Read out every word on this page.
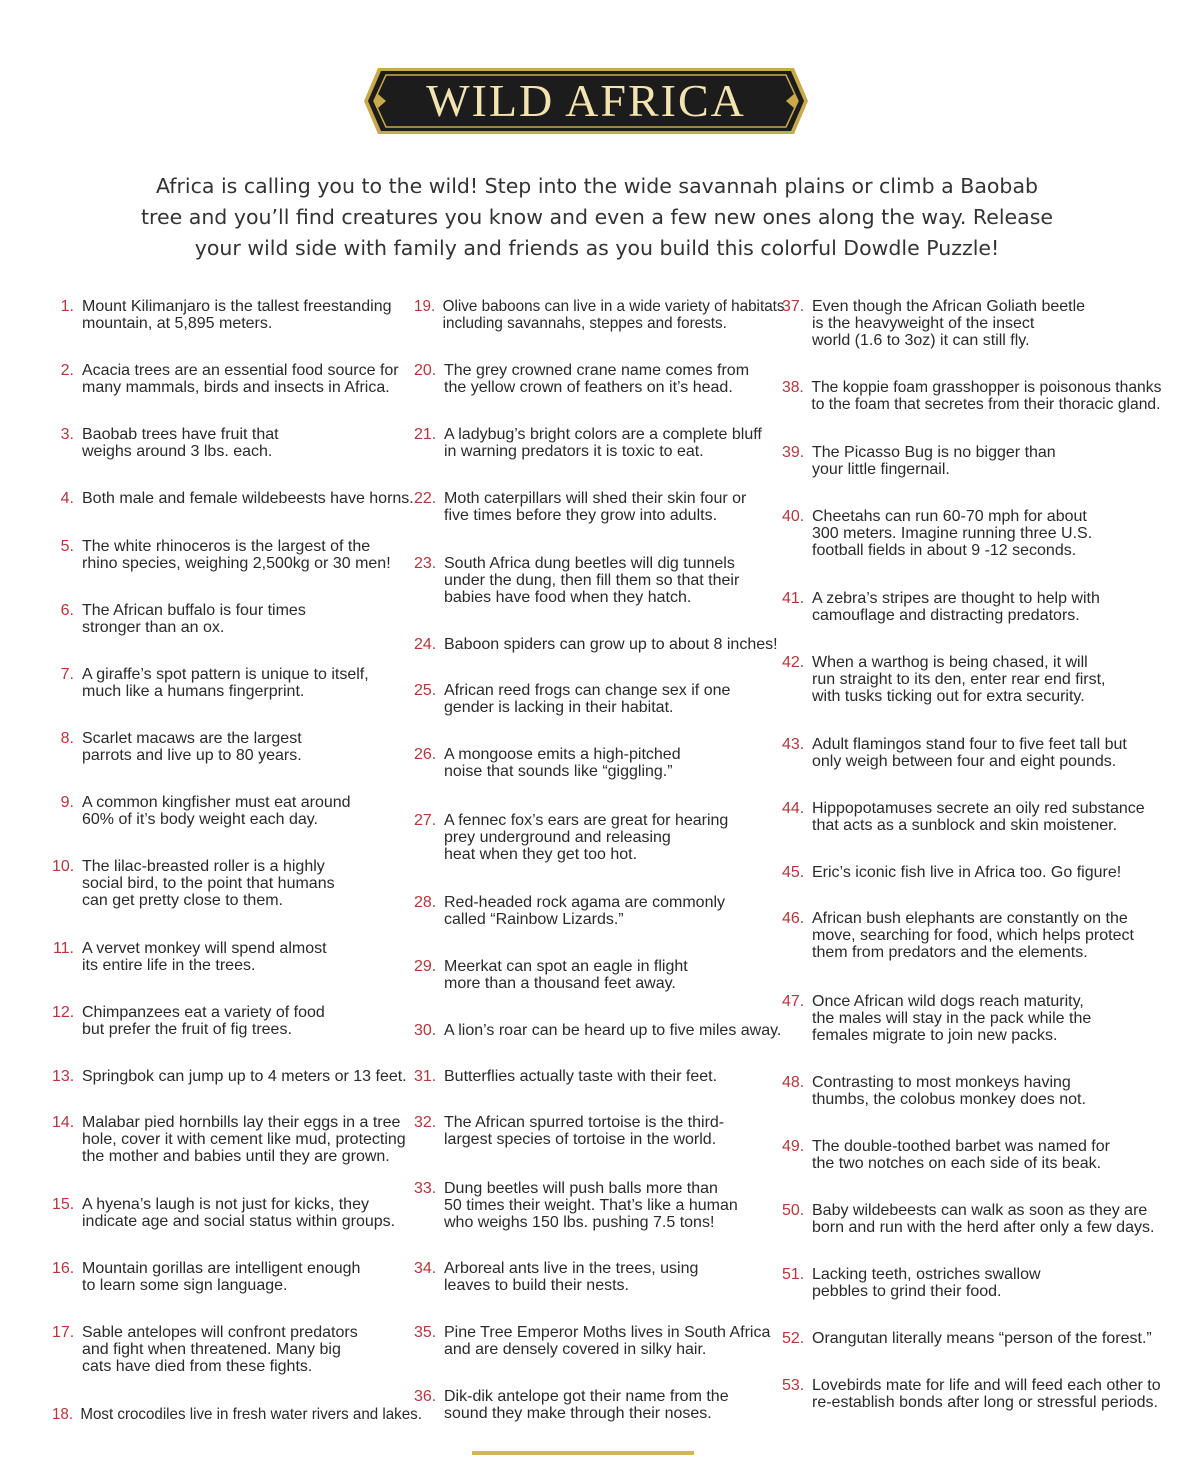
WILD AFRICA

Africa is calling you to the wild! Step into the wide savannah plains or climb a Baobab tree and you’ll find creatures you know and even a few new ones along the way. Release your wild side with family and friends as you build this colorful Dowdle Puzzle!

1. Mount Kilimanjaro is the tallest freestanding
mountain, at 5,895 meters.
2. Acacia trees are an essential food source for
many mammals, birds and insects in Africa.
3. Baobab trees have fruit that
weighs around 3 lbs. each.
4. Both male and female wildebeests have horns.
5. The white rhinoceros is the largest of the
rhino species, weighing 2,500kg or 30 men!
6. The African buffalo is four times
stronger than an ox.
7. A giraffe’s spot pattern is unique to itself,
much like a humans fingerprint.
8. Scarlet macaws are the largest
parrots and live up to 80 years.
9. A common kingfisher must eat around
60% of it’s body weight each day.
10. The lilac-breasted roller is a highly
social bird, to the point that humans
can get pretty close to them.
11. A vervet monkey will spend almost
its entire life in the trees.
12. Chimpanzees eat a variety of food
but prefer the fruit of fig trees.
13. Springbok can jump up to 4 meters or 13 feet.
14. Malabar pied hornbills lay their eggs in a tree
hole, cover it with cement like mud, protecting
the mother and babies until they are grown.
15. A hyena’s laugh is not just for kicks, they
indicate age and social status within groups.
16. Mountain gorillas are intelligent enough
to learn some sign language.
17. Sable antelopes will confront predators
and fight when threatened. Many big
cats have died from these fights.
18. Most crocodiles live in fresh water rivers and lakes.
19. Olive baboons can live in a wide variety of habitats
including savannahs, steppes and forests.
20. The grey crowned crane name comes from
the yellow crown of feathers on it’s head.
21. A ladybug’s bright colors are a complete bluff
in warning predators it is toxic to eat.
22. Moth caterpillars will shed their skin four or
five times before they grow into adults.
23. South Africa dung beetles will dig tunnels
under the dung, then fill them so that their
babies have food when they hatch.
24. Baboon spiders can grow up to about 8 inches!
25. African reed frogs can change sex if one
gender is lacking in their habitat.
26. A mongoose emits a high-pitched
noise that sounds like “giggling.”
27. A fennec fox’s ears are great for hearing
prey underground and releasing
heat when they get too hot.
28. Red-headed rock agama are commonly
called “Rainbow Lizards.”
29. Meerkat can spot an eagle in flight
more than a thousand feet away.
30. A lion’s roar can be heard up to five miles away.
31. Butterflies actually taste with their feet.
32. The African spurred tortoise is the third-
largest species of tortoise in the world.
33. Dung beetles will push balls more than
50 times their weight. That’s like a human
who weighs 150 lbs. pushing 7.5 tons!
34. Arboreal ants live in the trees, using
leaves to build their nests.
35. Pine Tree Emperor Moths lives in South Africa
and are densely covered in silky hair.
36. Dik-dik antelope got their name from the
sound they make through their noses.
37. Even though the African Goliath beetle
is the heavyweight of the insect
world (1.6 to 3oz) it can still fly.
38. The koppie foam grasshopper is poisonous thanks
to the foam that secretes from their thoracic gland.
39. The Picasso Bug is no bigger than
your little fingernail.
40. Cheetahs can run 60-70 mph for about
300 meters. Imagine running three U.S.
football fields in about 9 -12 seconds.
41. A zebra’s stripes are thought to help with
camouflage and distracting predators.
42. When a warthog is being chased, it will
run straight to its den, enter rear end first,
with tusks ticking out for extra security.
43. Adult flamingos stand four to five feet tall but
only weigh between four and eight pounds.
44. Hippopotamuses secrete an oily red substance
that acts as a sunblock and skin moistener.
45. Eric’s iconic fish live in Africa too. Go figure!
46. African bush elephants are constantly on the
move, searching for food, which helps protect
them from predators and the elements.
47. Once African wild dogs reach maturity,
the males will stay in the pack while the
females migrate to join new packs.
48. Contrasting to most monkeys having
thumbs, the colobus monkey does not.
49. The double-toothed barbet was named for
the two notches on each side of its beak.
50. Baby wildebeests can walk as soon as they are
born and run with the herd after only a few days.
51. Lacking teeth, ostriches swallow
pebbles to grind their food.
52. Orangutan literally means “person of the forest.”
53. Lovebirds mate for life and will feed each other to
re-establish bonds after long or stressful periods.
